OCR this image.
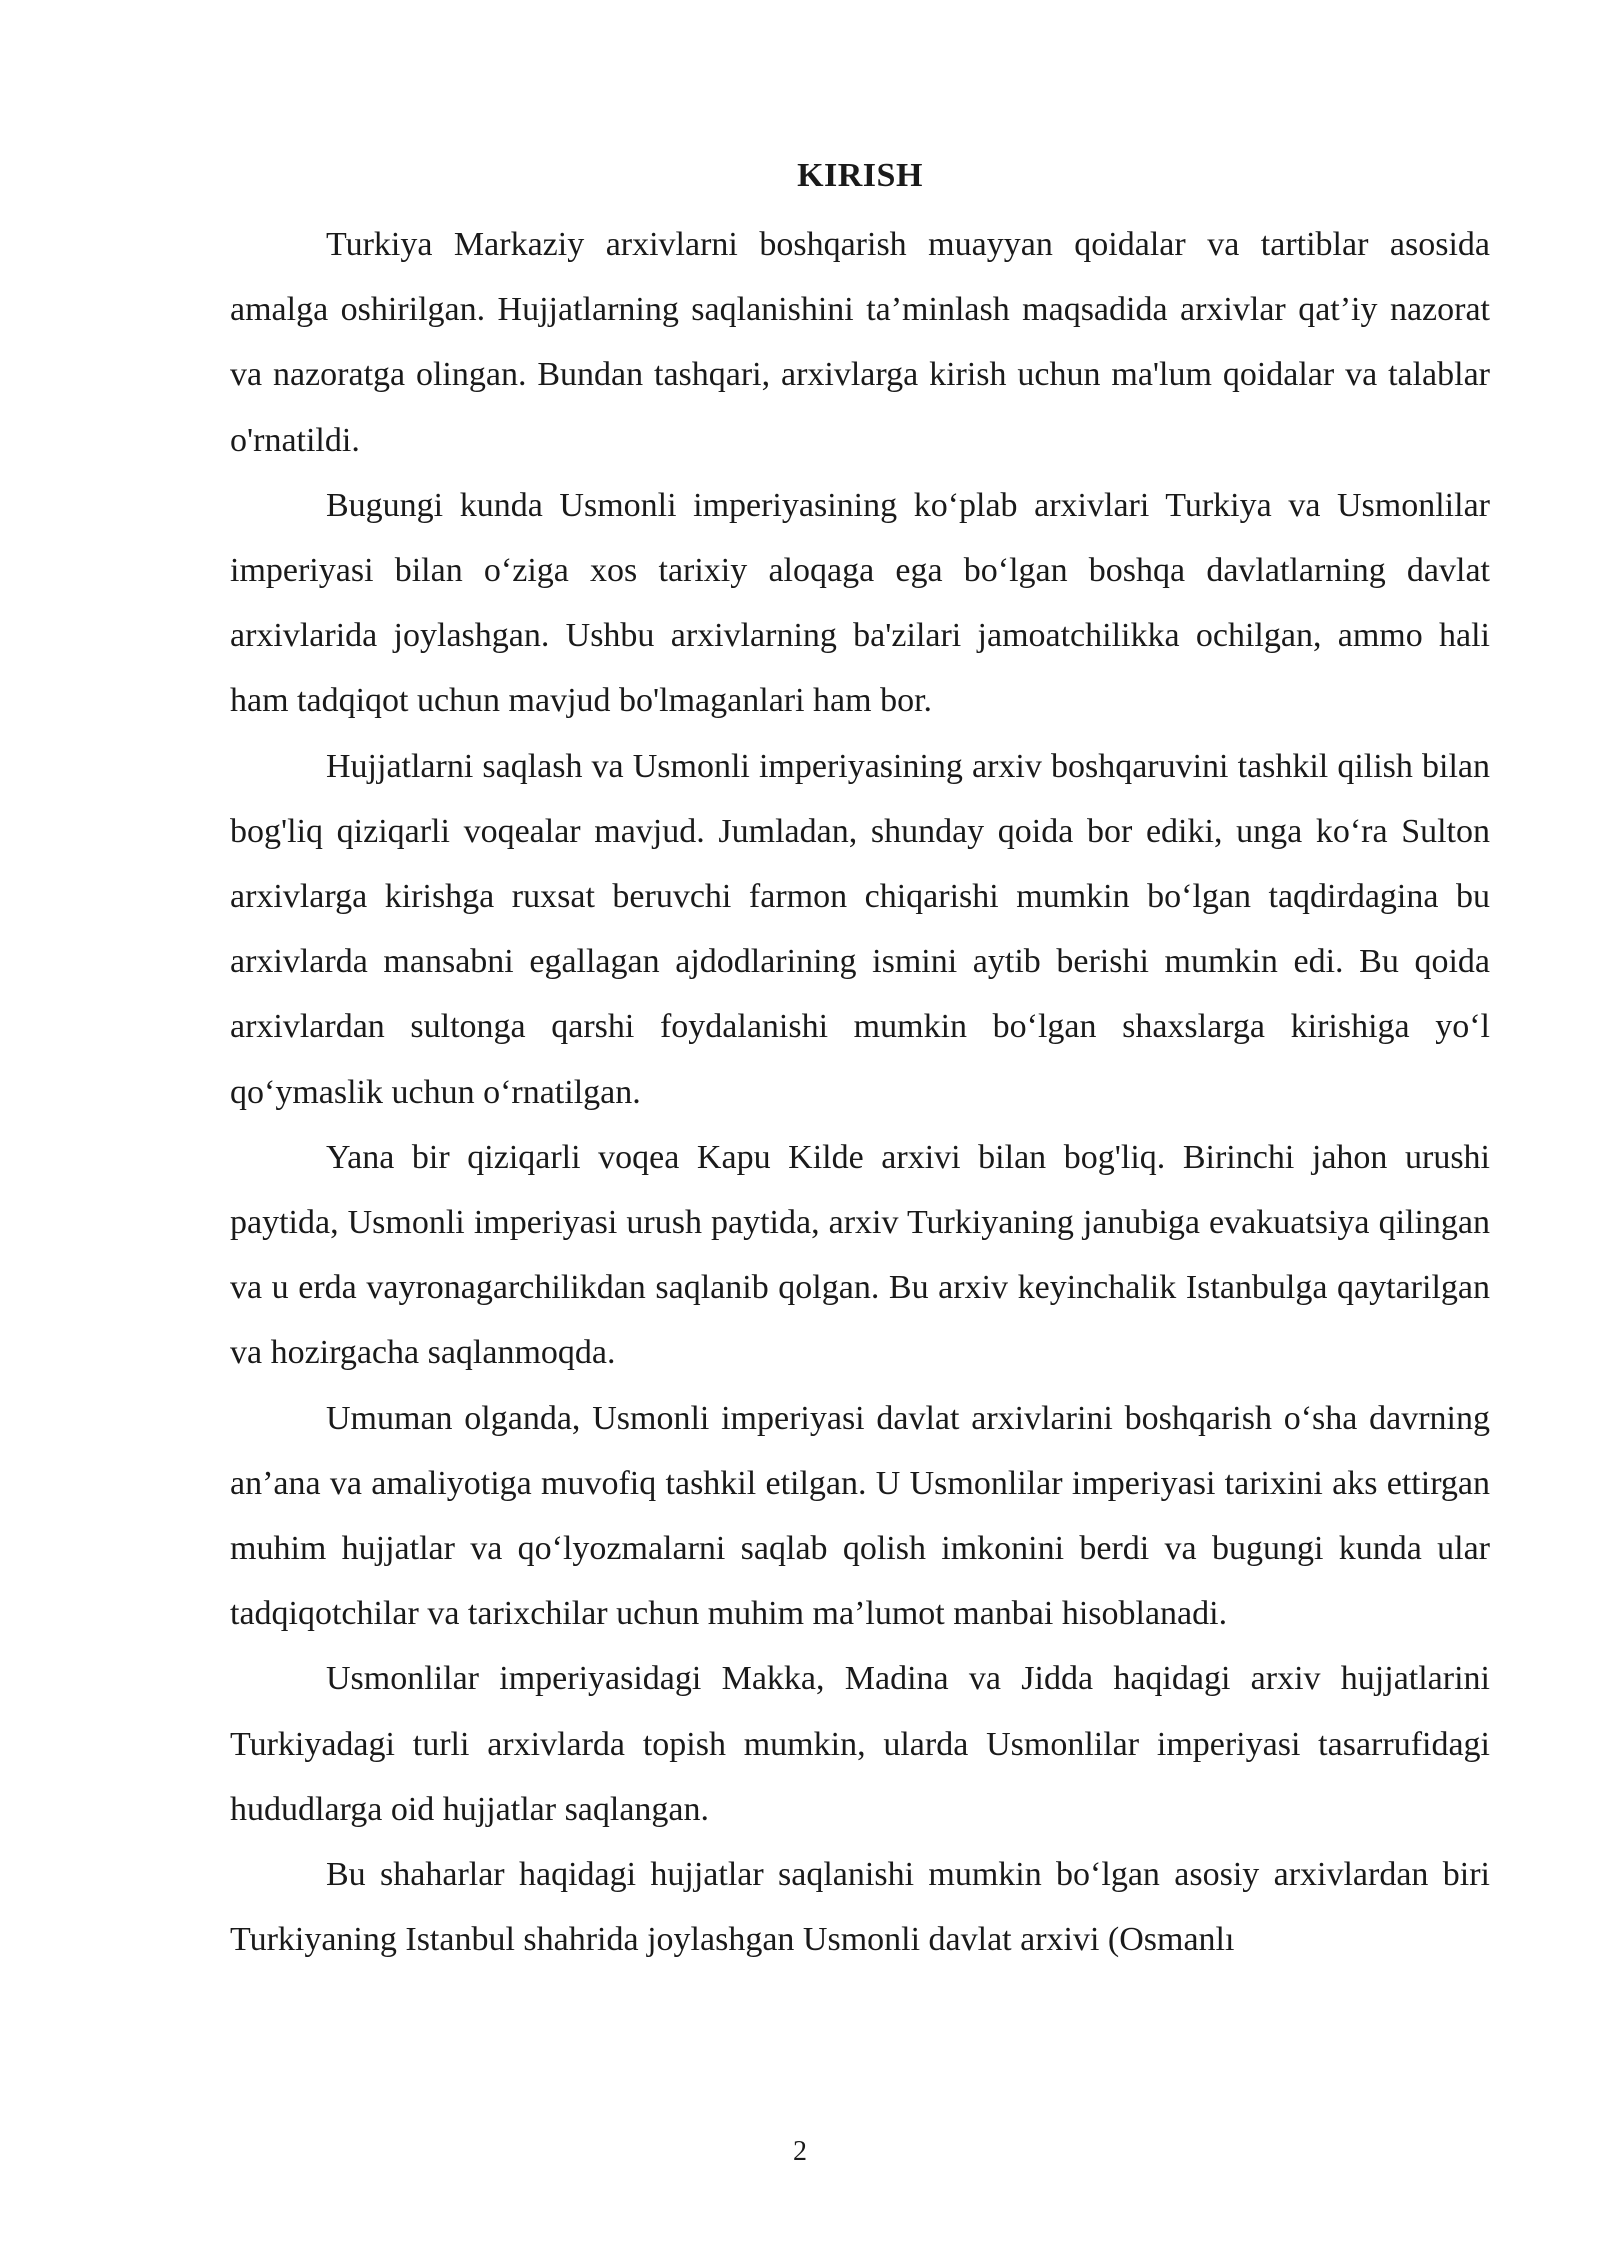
KIRISH

Turkiya Markaziy arxivlarni boshqarish muayyan qoidalar va tartiblar asosida amalga oshirilgan. Hujjatlarning saqlanishini ta’minlash maqsadida arxivlar qat’iy nazorat va nazoratga olingan. Bundan tashqari, arxivlarga kirish uchun ma'lum qoidalar va talablar o'rnatildi.

Bugungi kunda Usmonli imperiyasining ko‘plab arxivlari Turkiya va Usmonlilar imperiyasi bilan o‘ziga xos tarixiy aloqaga ega bo‘lgan boshqa davlatlarning davlat arxivlarida joylashgan. Ushbu arxivlarning ba'zilari jamoatchilikka ochilgan, ammo hali ham tadqiqot uchun mavjud bo'lmaganlari ham bor.

Hujjatlarni saqlash va Usmonli imperiyasining arxiv boshqaruvini tashkil qilish bilan bog'liq qiziqarli voqealar mavjud. Jumladan, shunday qoida bor ediki, unga ko‘ra Sulton arxivlarga kirishga ruxsat beruvchi farmon chiqarishi mumkin bo‘lgan taqdirdagina bu arxivlarda mansabni egallagan ajdodlarining ismini aytib berishi mumkin edi. Bu qoida arxivlardan sultonga qarshi foydalanishi mumkin bo‘lgan shaxslarga kirishiga yo‘l qo‘ymaslik uchun o‘rnatilgan.

Yana bir qiziqarli voqea Kapu Kilde arxivi bilan bog'liq. Birinchi jahon urushi paytida, Usmonli imperiyasi urush paytida, arxiv Turkiyaning janubiga evakuatsiya qilingan va u erda vayronagarchilikdan saqlanib qolgan. Bu arxiv keyinchalik Istanbulga qaytarilgan va hozirgacha saqlanmoqda.

Umuman olganda, Usmonli imperiyasi davlat arxivlarini boshqarish o‘sha davrning an’ana va amaliyotiga muvofiq tashkil etilgan. U Usmonlilar imperiyasi tarixini aks ettirgan muhim hujjatlar va qo‘lyozmalarni saqlab qolish imkonini berdi va bugungi kunda ular tadqiqotchilar va tarixchilar uchun muhim ma’lumot manbai hisoblanadi.

Usmonlilar imperiyasidagi Makka, Madina va Jidda haqidagi arxiv hujjatlarini Turkiyadagi turli arxivlarda topish mumkin, ularda Usmonlilar imperiyasi tasarrufidagi hududlarga oid hujjatlar saqlangan.

Bu shaharlar haqidagi hujjatlar saqlanishi mumkin bo‘lgan asosiy arxivlardan biri Turkiyaning Istanbul shahrida joylashgan Usmonli davlat arxivi (Osmanlı

2
